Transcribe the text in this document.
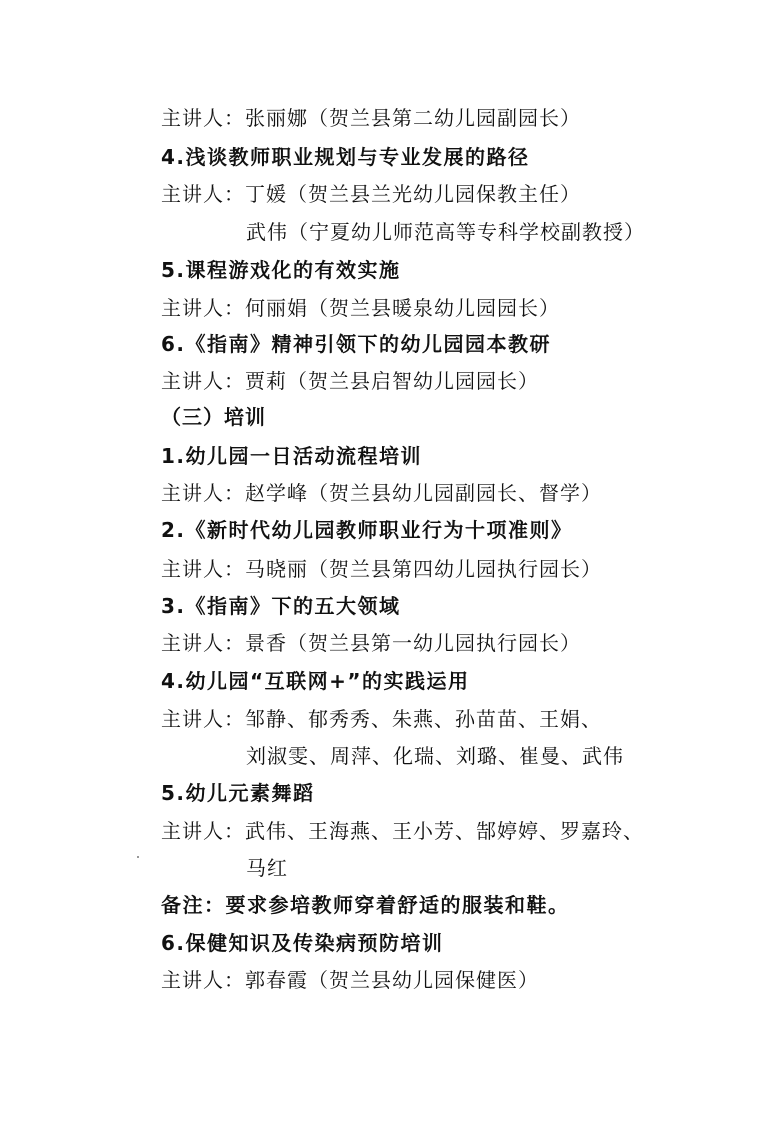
主讲人：张丽娜（贺兰县第二幼儿园副园长）
4.浅谈教师职业规划与专业发展的路径
主讲人：丁媛（贺兰县兰光幼儿园保教主任）
武伟（宁夏幼儿师范高等专科学校副教授）
5.课程游戏化的有效实施
主讲人：何丽娟（贺兰县暖泉幼儿园园长）
6.《指南》精神引领下的幼儿园园本教研
主讲人：贾莉（贺兰县启智幼儿园园长）
（三）培训
1.幼儿园一日活动流程培训
主讲人：赵学峰（贺兰县幼儿园副园长、督学）
2.《新时代幼儿园教师职业行为十项准则》
主讲人：马晓丽（贺兰县第四幼儿园执行园长）
3.《指南》下的五大领域
主讲人：景香（贺兰县第一幼儿园执行园长）
4.幼儿园“互联网+”的实践运用
主讲人：邹静、郁秀秀、朱燕、孙苗苗、王娟、
刘淑雯、周萍、化瑞、刘璐、崔曼、武伟
5.幼儿元素舞蹈
主讲人：武伟、王海燕、王小芳、郜婷婷、罗嘉玲、
马红
备注：要求参培教师穿着舒适的服装和鞋。
6.保健知识及传染病预防培训
主讲人：郭春霞（贺兰县幼儿园保健医）
